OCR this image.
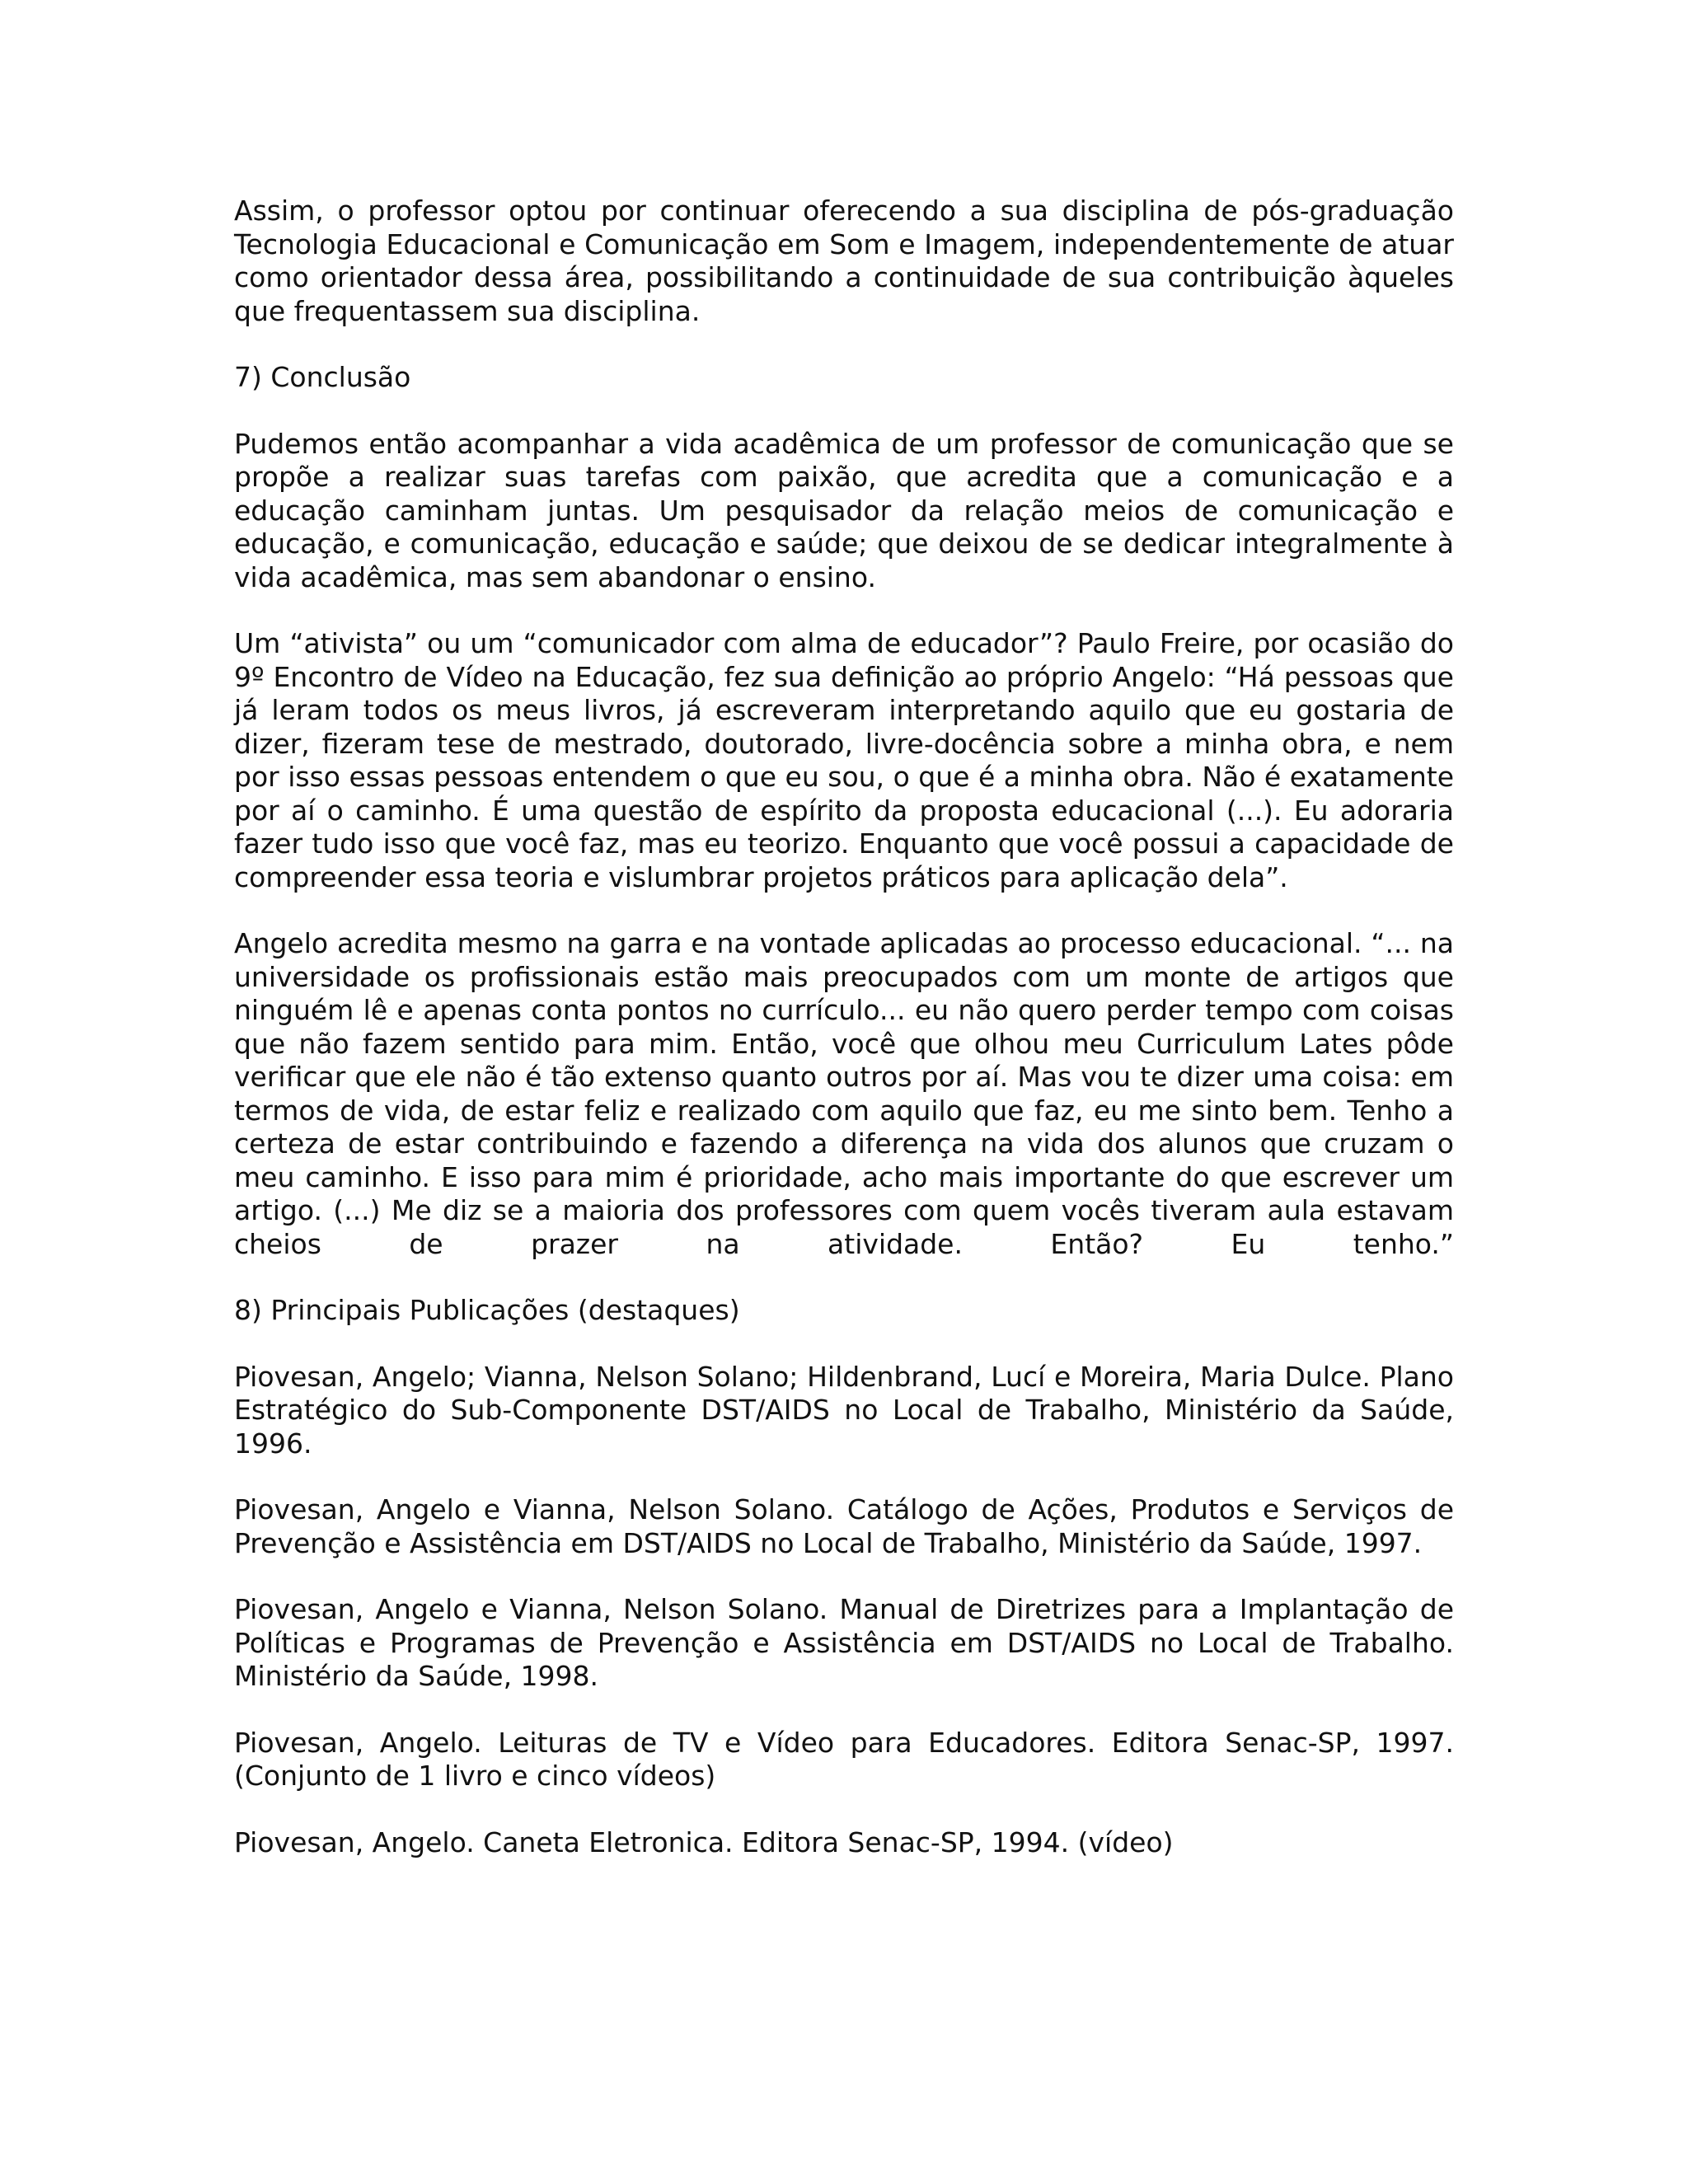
Assim, o professor optou por continuar oferecendo a sua disciplina de pós-graduação Tecnologia Educacional e Comunicação em Som e Imagem, independentemente de atuar como orientador dessa área, possibilitando a continuidade de sua contribuição àqueles que frequentassem sua disciplina.

7) Conclusão

Pudemos então acompanhar a vida acadêmica de um professor de comunicação que se propõe a realizar suas tarefas com paixão, que acredita que a comunicação e a educação caminham juntas. Um pesquisador da relação meios de comunicação e educação, e comunicação, educação e saúde; que deixou de se dedicar integralmente à vida acadêmica, mas sem abandonar o ensino.

Um “ativista” ou um “comunicador com alma de educador”? Paulo Freire, por ocasião do 9º Encontro de Vídeo na Educação, fez sua definição ao próprio Angelo: “Há pessoas que já leram todos os meus livros, já escreveram interpretando aquilo que eu gostaria de dizer, fizeram tese de mestrado, doutorado, livre-docência sobre a minha obra, e nem por isso essas pessoas entendem o que eu sou, o que é a minha obra. Não é exatamente por aí o caminho. É uma questão de espírito da proposta educacional (...). Eu adoraria fazer tudo isso que você faz, mas eu teorizo. Enquanto que você possui a capacidade de compreender essa teoria e vislumbrar projetos práticos para aplicação dela”.

Angelo acredita mesmo na garra e na vontade aplicadas ao processo educacional. “... na universidade os profissionais estão mais preocupados com um monte de artigos que ninguém lê e apenas conta pontos no currículo... eu não quero perder tempo com coisas que não fazem sentido para mim. Então, você que olhou meu Curriculum Lates pôde verificar que ele não é tão extenso quanto outros por aí. Mas vou te dizer uma coisa: em termos de vida, de estar feliz e realizado com aquilo que faz, eu me sinto bem. Tenho a certeza de estar contribuindo e fazendo a diferença na vida dos alunos que cruzam o meu caminho. E isso para mim é prioridade, acho mais importante do que escrever um artigo. (...) Me diz se a maioria dos professores com quem vocês tiveram aula estavam cheios de prazer na atividade. Então? Eu tenho.”

8) Principais Publicações (destaques)

Piovesan, Angelo; Vianna, Nelson Solano; Hildenbrand, Lucí e Moreira, Maria Dulce. Plano Estratégico do Sub-Componente DST/AIDS no Local de Trabalho, Ministério da Saúde, 1996.

Piovesan, Angelo e Vianna, Nelson Solano. Catálogo de Ações, Produtos e Serviços de Prevenção e Assistência em DST/AIDS no Local de Trabalho, Ministério da Saúde, 1997.

Piovesan, Angelo e Vianna, Nelson Solano. Manual de Diretrizes para a Implantação de Políticas e Programas de Prevenção e Assistência em DST/AIDS no Local de Trabalho. Ministério da Saúde, 1998.

Piovesan, Angelo. Leituras de TV e Vídeo para Educadores. Editora Senac-SP, 1997. (Conjunto de 1 livro e cinco vídeos)

Piovesan, Angelo. Caneta Eletronica. Editora Senac-SP, 1994. (vídeo)
